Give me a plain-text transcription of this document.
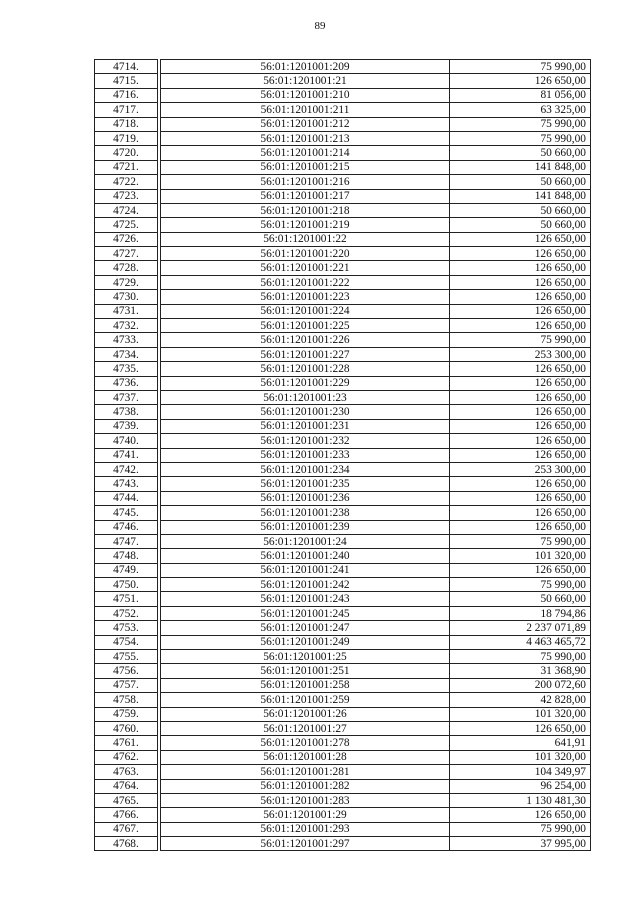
89
4714.		56:01:1201001:209	75 990,00
4715.		56:01:1201001:21	126 650,00
4716.		56:01:1201001:210	81 056,00
4717.		56:01:1201001:211	63 325,00
4718.		56:01:1201001:212	75 990,00
4719.		56:01:1201001:213	75 990,00
4720.		56:01:1201001:214	50 660,00
4721.		56:01:1201001:215	141 848,00
4722.		56:01:1201001:216	50 660,00
4723.		56:01:1201001:217	141 848,00
4724.		56:01:1201001:218	50 660,00
4725.		56:01:1201001:219	50 660,00
4726.		56:01:1201001:22	126 650,00
4727.		56:01:1201001:220	126 650,00
4728.		56:01:1201001:221	126 650,00
4729.		56:01:1201001:222	126 650,00
4730.		56:01:1201001:223	126 650,00
4731.		56:01:1201001:224	126 650,00
4732.		56:01:1201001:225	126 650,00
4733.		56:01:1201001:226	75 990,00
4734.		56:01:1201001:227	253 300,00
4735.		56:01:1201001:228	126 650,00
4736.		56:01:1201001:229	126 650,00
4737.		56:01:1201001:23	126 650,00
4738.		56:01:1201001:230	126 650,00
4739.		56:01:1201001:231	126 650,00
4740.		56:01:1201001:232	126 650,00
4741.		56:01:1201001:233	126 650,00
4742.		56:01:1201001:234	253 300,00
4743.		56:01:1201001:235	126 650,00
4744.		56:01:1201001:236	126 650,00
4745.		56:01:1201001:238	126 650,00
4746.		56:01:1201001:239	126 650,00
4747.		56:01:1201001:24	75 990,00
4748.		56:01:1201001:240	101 320,00
4749.		56:01:1201001:241	126 650,00
4750.		56:01:1201001:242	75 990,00
4751.		56:01:1201001:243	50 660,00
4752.		56:01:1201001:245	18 794,86
4753.		56:01:1201001:247	2 237 071,89
4754.		56:01:1201001:249	4 463 465,72
4755.		56:01:1201001:25	75 990,00
4756.		56:01:1201001:251	31 368,90
4757.		56:01:1201001:258	200 072,60
4758.		56:01:1201001:259	42 828,00
4759.		56:01:1201001:26	101 320,00
4760.		56:01:1201001:27	126 650,00
4761.		56:01:1201001:278	641,91
4762.		56:01:1201001:28	101 320,00
4763.		56:01:1201001:281	104 349,97
4764.		56:01:1201001:282	96 254,00
4765.		56:01:1201001:283	1 130 481,30
4766.		56:01:1201001:29	126 650,00
4767.		56:01:1201001:293	75 990,00
4768.		56:01:1201001:297	37 995,00
